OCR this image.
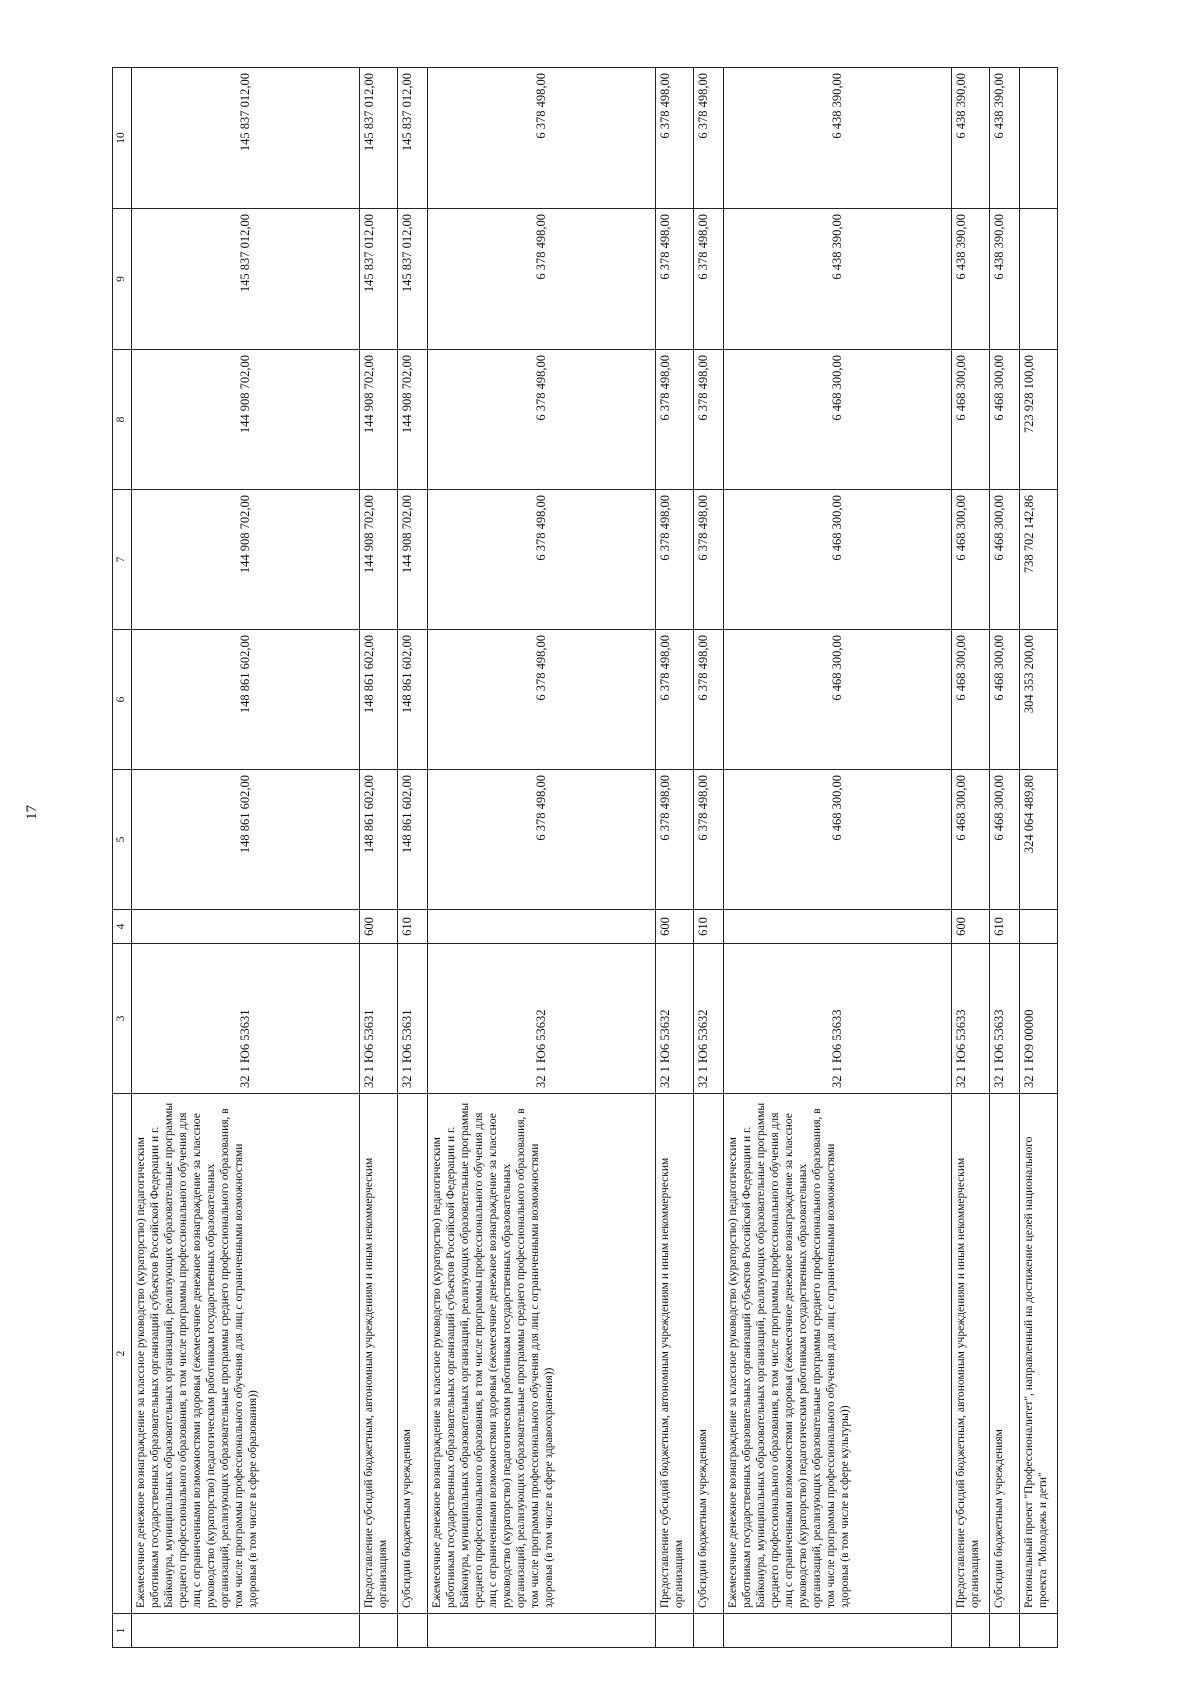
17
1	2	3	4	5	6	7	8	9	10
	Ежемесячное денежное вознаграждение за классное руководство (кураторство) педагогическим работникам государственных образовательных организаций субъектов Российской Федерации и г. Байконура, муниципальных образовательных организаций, реализующих образовательные программы среднего профессионального образования, в том числе программы профессионального обучения для лиц с ограниченными возможностями здоровья (ежемесячное денежное вознаграждение за классное руководство (кураторство) педагогическим работникам государственных образовательных организаций, реализующих образовательные программы среднего профессионального образования, в том числе программы профессионального обучения для лиц с ограниченными возможностями здоровья (в том числе в сфере образования))	32 1 Ю6 53631		148 861 602,00	148 861 602,00	144 908 702,00	144 908 702,00	145 837 012,00	145 837 012,00
	Предоставление субсидий бюджетным, автономным учреждениям и иным некоммерческим организациям	32 1 Ю6 53631	600	148 861 602,00	148 861 602,00	144 908 702,00	144 908 702,00	145 837 012,00	145 837 012,00
	Субсидии бюджетным учреждениям	32 1 Ю6 53631	610	148 861 602,00	148 861 602,00	144 908 702,00	144 908 702,00	145 837 012,00	145 837 012,00
	Ежемесячное денежное вознаграждение за классное руководство (кураторство) педагогическим работникам государственных образовательных организаций субъектов Российской Федерации и г. Байконура, муниципальных образовательных организаций, реализующих образовательные программы среднего профессионального образования, в том числе программы профессионального обучения для лиц с ограниченными возможностями здоровья (ежемесячное денежное вознаграждение за классное руководство (кураторство) педагогическим работникам государственных образовательных организаций, реализующих образовательные программы среднего профессионального образования, в том числе программы профессионального обучения для лиц с ограниченными возможностями здоровья (в том числе в сфере здравоохранения))	32 1 Ю6 53632		6 378 498,00	6 378 498,00	6 378 498,00	6 378 498,00	6 378 498,00	6 378 498,00
	Предоставление субсидий бюджетным, автономным учреждениям и иным некоммерческим организациям	32 1 Ю6 53632	600	6 378 498,00	6 378 498,00	6 378 498,00	6 378 498,00	6 378 498,00	6 378 498,00
	Субсидии бюджетным учреждениям	32 1 Ю6 53632	610	6 378 498,00	6 378 498,00	6 378 498,00	6 378 498,00	6 378 498,00	6 378 498,00
	Ежемесячное денежное вознаграждение за классное руководство (кураторство) педагогическим работникам государственных образовательных организаций субъектов Российской Федерации и г. Байконура, муниципальных образовательных организаций, реализующих образовательные программы среднего профессионального образования, в том числе программы профессионального обучения для лиц с ограниченными возможностями здоровья (ежемесячное денежное вознаграждение за классное руководство (кураторство) педагогическим работникам государственных образовательных организаций, реализующих образовательные программы среднего профессионального образования, в том числе программы профессионального обучения для лиц с ограниченными возможностями здоровья (в том числе в сфере культуры))	32 1 Ю6 53633		6 468 300,00	6 468 300,00	6 468 300,00	6 468 300,00	6 438 390,00	6 438 390,00
	Предоставление субсидий бюджетным, автономным учреждениям и иным некоммерческим организациям	32 1 Ю6 53633	600	6 468 300,00	6 468 300,00	6 468 300,00	6 468 300,00	6 438 390,00	6 438 390,00
	Субсидии бюджетным учреждениям	32 1 Ю6 53633	610	6 468 300,00	6 468 300,00	6 468 300,00	6 468 300,00	6 438 390,00	6 438 390,00
	Региональный проект "Профессионалитет", направленный на достижение целей национального проекта "Молодежь и дети"	32 1 Ю9 00000		324 064 489,80	304 353 200,00	738 702 142,86	723 928 100,00		
